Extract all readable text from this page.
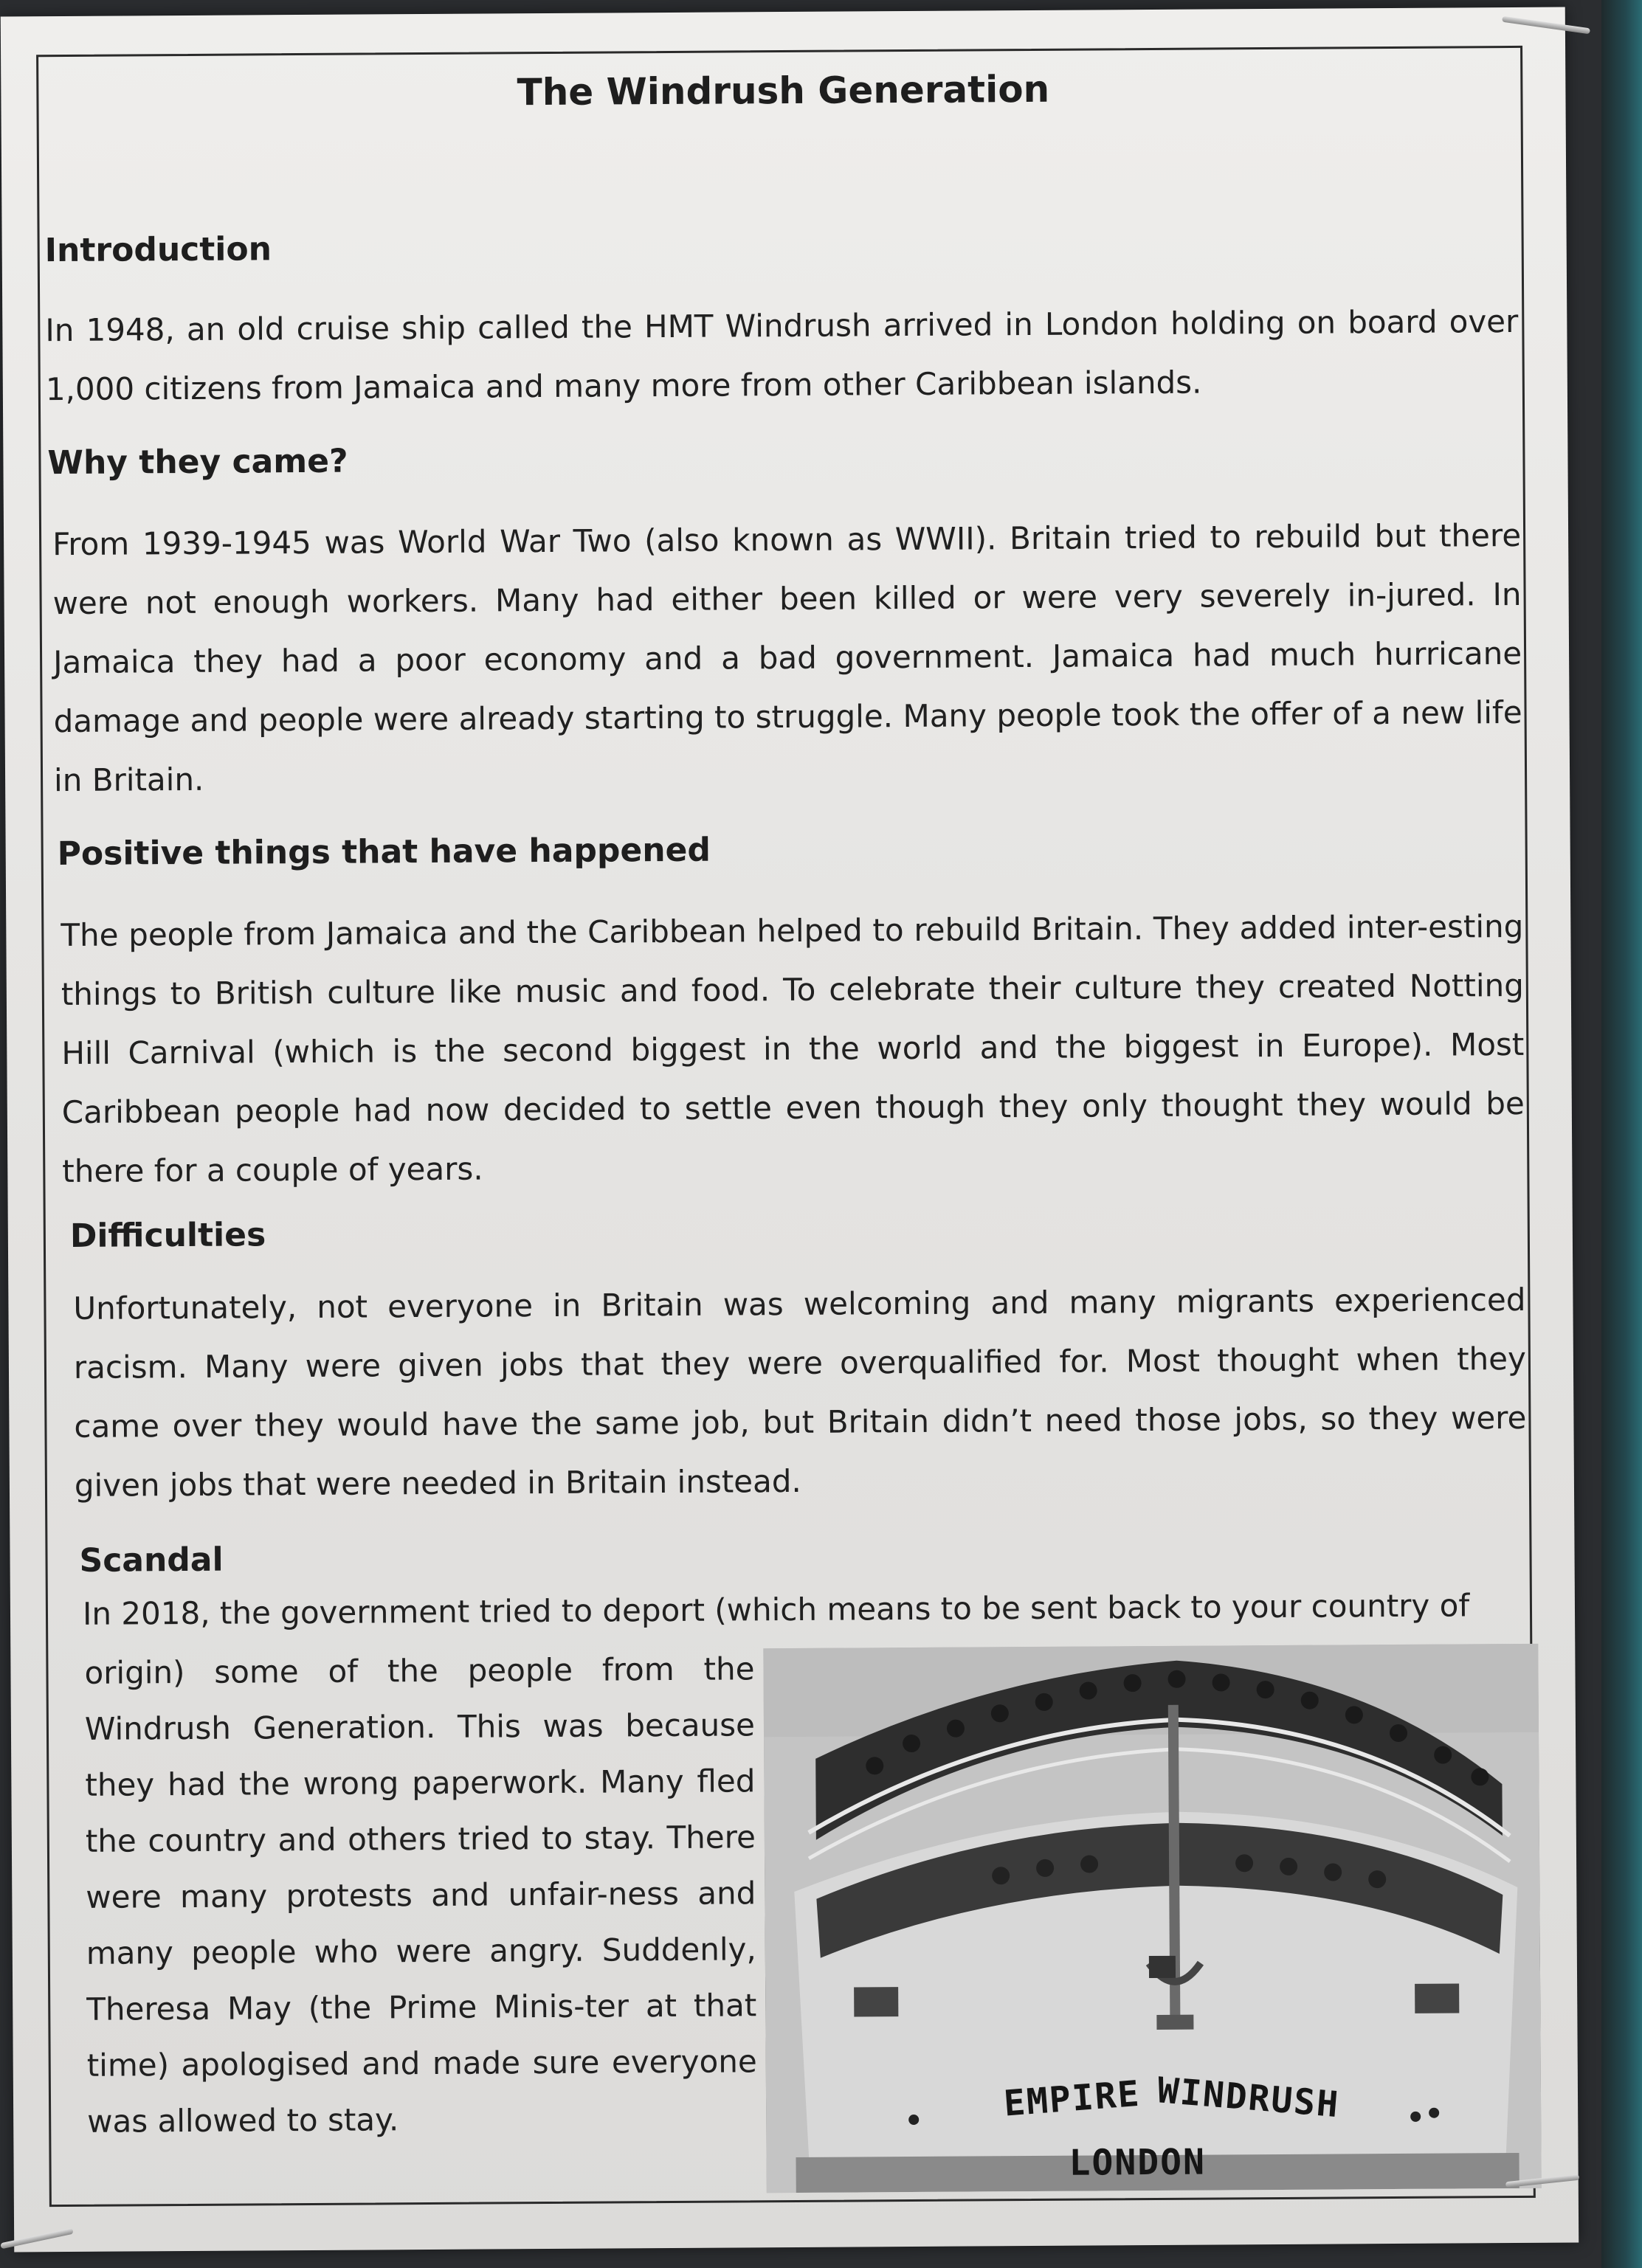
The Windrush Generation
Introduction
In 1948, an old cruise ship called the HMT Windrush arrived in London holding on board over 1,000 citizens from Jamaica and many more from other Caribbean islands.
Why they came?
From 1939-1945 was World War Two (also known as WWII). Britain tried to rebuild but there were not enough workers. Many had either been killed or were very severely in-jured. In Jamaica they had a poor economy and a bad government. Jamaica had much hurricane damage and people were already starting to struggle. Many people took the offer of a new life in Britain.
Positive things that have happened
The people from Jamaica and the Caribbean helped to rebuild Britain. They added inter-esting things to British culture like music and food. To celebrate their culture they created Notting Hill Carnival (which is the second biggest in the world and the biggest in Europe). Most Caribbean people had now decided to settle even though they only thought they would be there for a couple of years.
Difficulties
Unfortunately, not everyone in Britain was welcoming and many migrants experienced racism. Many were given jobs that they were overqualified for. Most thought when they came over they would have the same job, but Britain didn’t need those jobs, so they were given jobs that were needed in Britain instead.
Scandal
In 2018, the government tried to deport (which means to be sent back to your country of
origin) some of the people from the Windrush Generation. This was because they had the wrong paperwork. Many fled the country and others tried to stay. There were many protests and unfair-ness and many people who were angry. Suddenly, Theresa May (the Prime Minis-ter at that time) apologised and made sure everyone was allowed to stay.	EMPIRE WINDRUSH
LONDON
